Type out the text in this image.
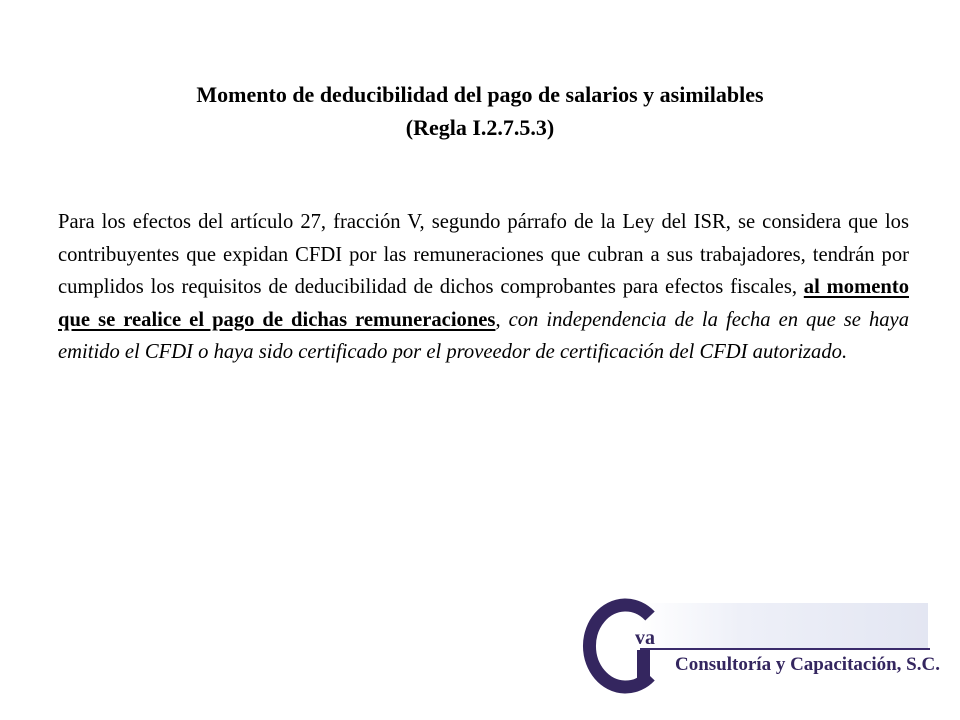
Momento de deducibilidad del pago de salarios y asimilables
(Regla I.2.7.5.3)

Para los efectos del artículo 27, fracción V, segundo párrafo de la Ley del ISR, se considera que los contribuyentes que expidan CFDI por las remuneraciones que cubran a sus trabajadores, tendrán por cumplidos los requisitos de deducibilidad de dichos comprobantes para efectos fiscales, al momento que se realice el pago de dichas remuneraciones, con independencia de la fecha en que se haya emitido el CFDI o haya sido certificado por el proveedor de certificación del CFDI autorizado.

va
Consultoría y Capacitación, S.C.
